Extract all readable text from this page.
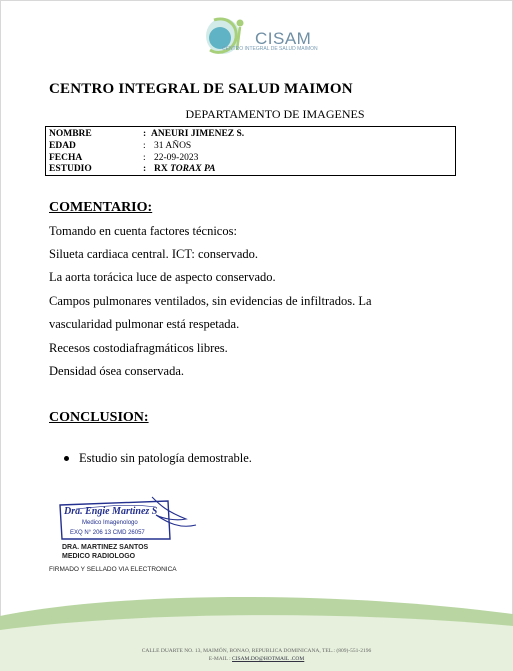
CISAM
CENTRO INTEGRAL DE SALUD MAIMON
CENTRO INTEGRAL DE SALUD MAIMON
DEPARTAMENTO DE IMAGENES
NOMBRE	: ANEURI JIMENEZ S.
EDAD	: 31 AÑOS
FECHA	: 22-09-2023
ESTUDIO	: RX TORAX PA
COMENTARIO:
Tomando en cuenta factores técnicos:
Silueta cardiaca central. ICT: conservado.
La aorta torácica luce de aspecto conservado.
Campos pulmonares ventilados, sin evidencias de infiltrados. La
vascularidad pulmonar está respetada.
Recesos costodiafragmáticos libres.
Densidad ósea conservada.
CONCLUSION:
Estudio sin patología demostrable.
Dra. Engie Martinez S
Medico Imagenologo
EXQ N° 206 13 CMD 26057
DRA. MARTINEZ SANTOS
MEDICO RADIOLOGO
FIRMADO Y SELLADO VIA ELECTRONICA
CALLE DUARTE NO. 13, MAIMÓN, BONAO, REPUBLICA DOMINICANA, TEL.: (809)-551-2196
E-MAIL : CISAM.DO@HOTMAIL .COM
